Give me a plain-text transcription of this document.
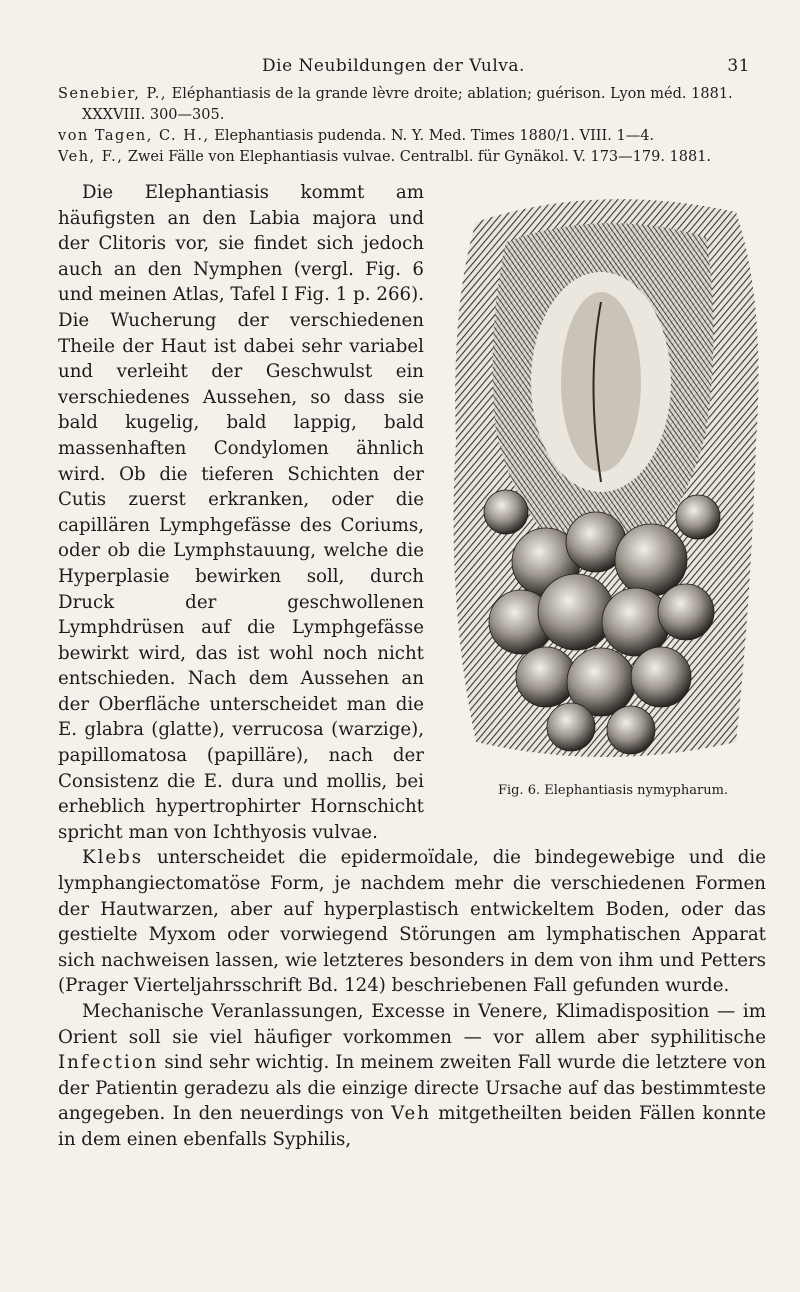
Die Neubildungen der Vulva.	31

Senebier, P., Eléphantiasis de la grande lèvre droite; ablation; guérison. Lyon méd. 1881. XXXVIII. 300—305.

von Tagen, C. H., Elephantiasis pudenda. N. Y. Med. Times 1880/1. VIII. 1—4.

Veh, F., Zwei Fälle von Elephantiasis vulvae. Centralbl. für Gynäkol. V. 173—179. 1881.

Fig. 6. Elephantiasis nymypharum.
Die Elephantiasis kommt am häufigsten an den Labia majora und der Clitoris vor, sie findet sich jedoch auch an den Nymphen (vergl. Fig. 6 und meinen Atlas, Tafel I Fig. 1 p. 266). Die Wucherung der verschiedenen Theile der Haut ist dabei sehr variabel und verleiht der Geschwulst ein verschiedenes Aussehen, so dass sie bald kugelig, bald lappig, bald massenhaften Condylomen ähnlich wird. Ob die tieferen Schichten der Cutis zuerst erkranken, oder die capillären Lymphgefässe des Coriums, oder ob die Lymphstauung, welche die Hyperplasie bewirken soll, durch Druck der geschwollenen Lymphdrüsen auf die Lymphgefässe bewirkt wird, das ist wohl noch nicht entschieden. Nach dem Aussehen an der Oberfläche unterscheidet man die E. glabra (glatte), verrucosa (warzige), papillomatosa (papilläre), nach der Consistenz die E. dura und mollis, bei erheblich hypertrophirter Hornschicht spricht man von Ichthyosis vulvae.

Klebs unterscheidet die epidermoïdale, die bindegewebige und die lymphangiectomatöse Form, je nachdem mehr die verschiedenen Formen der Hautwarzen, aber auf hyperplastisch entwickeltem Boden, oder das gestielte Myxom oder vorwiegend Störungen am lymphatischen Apparat sich nachweisen lassen, wie letzteres besonders in dem von ihm und Petters (Prager Vierteljahrsschrift Bd. 124) beschriebenen Fall gefunden wurde.

Mechanische Veranlassungen, Excesse in Venere, Klimadisposition — im Orient soll sie viel häufiger vorkommen — vor allem aber syphilitische Infection sind sehr wichtig. In meinem zweiten Fall wurde die letztere von der Patientin geradezu als die einzige directe Ursache auf das bestimmteste angegeben. In den neuerdings von Veh mitgetheilten beiden Fällen konnte in dem einen ebenfalls Syphilis,
